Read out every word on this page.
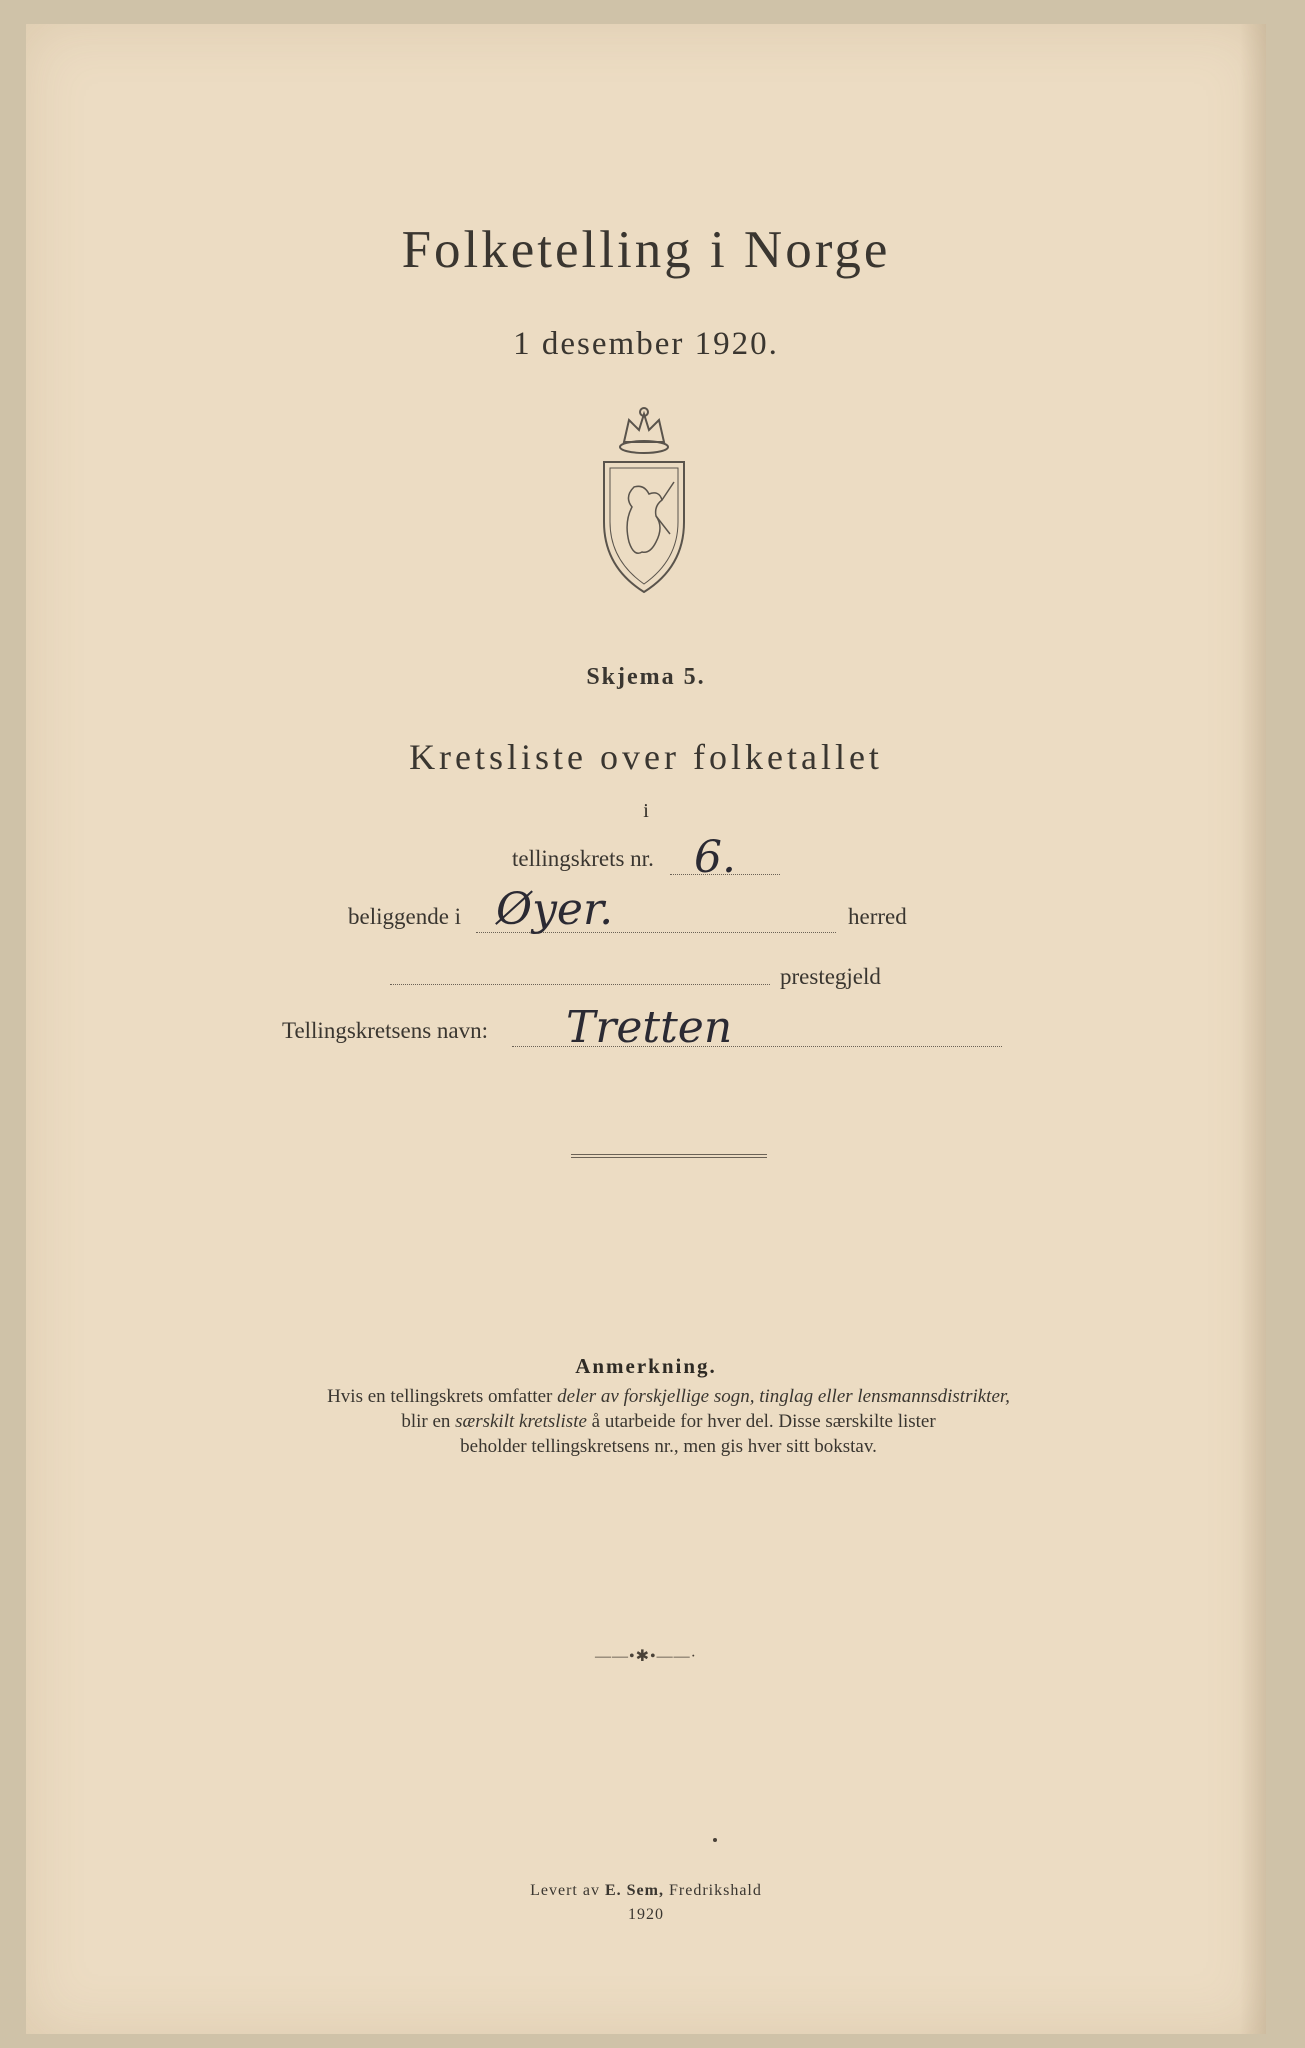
Folketelling i Norge
1 desember 1920.
Skjema 5.
Kretsliste over folketallet
i
tellingskrets nr. 6.
beliggende i Øyer.	herred
prestegjeld
Tellingskretsens navn: Tretten
Anmerkning.
Hvis en tellingskrets omfatter deler av forskjellige sogn, tinglag eller lensmannsdistrikter,
blir en særskilt kretsliste å utarbeide for hver del. Disse særskilte lister
beholder tellingskretsens nr., men gis hver sitt bokstav.
——•✱•——·
Levert av E. Sem, Fredrikshald
1920
